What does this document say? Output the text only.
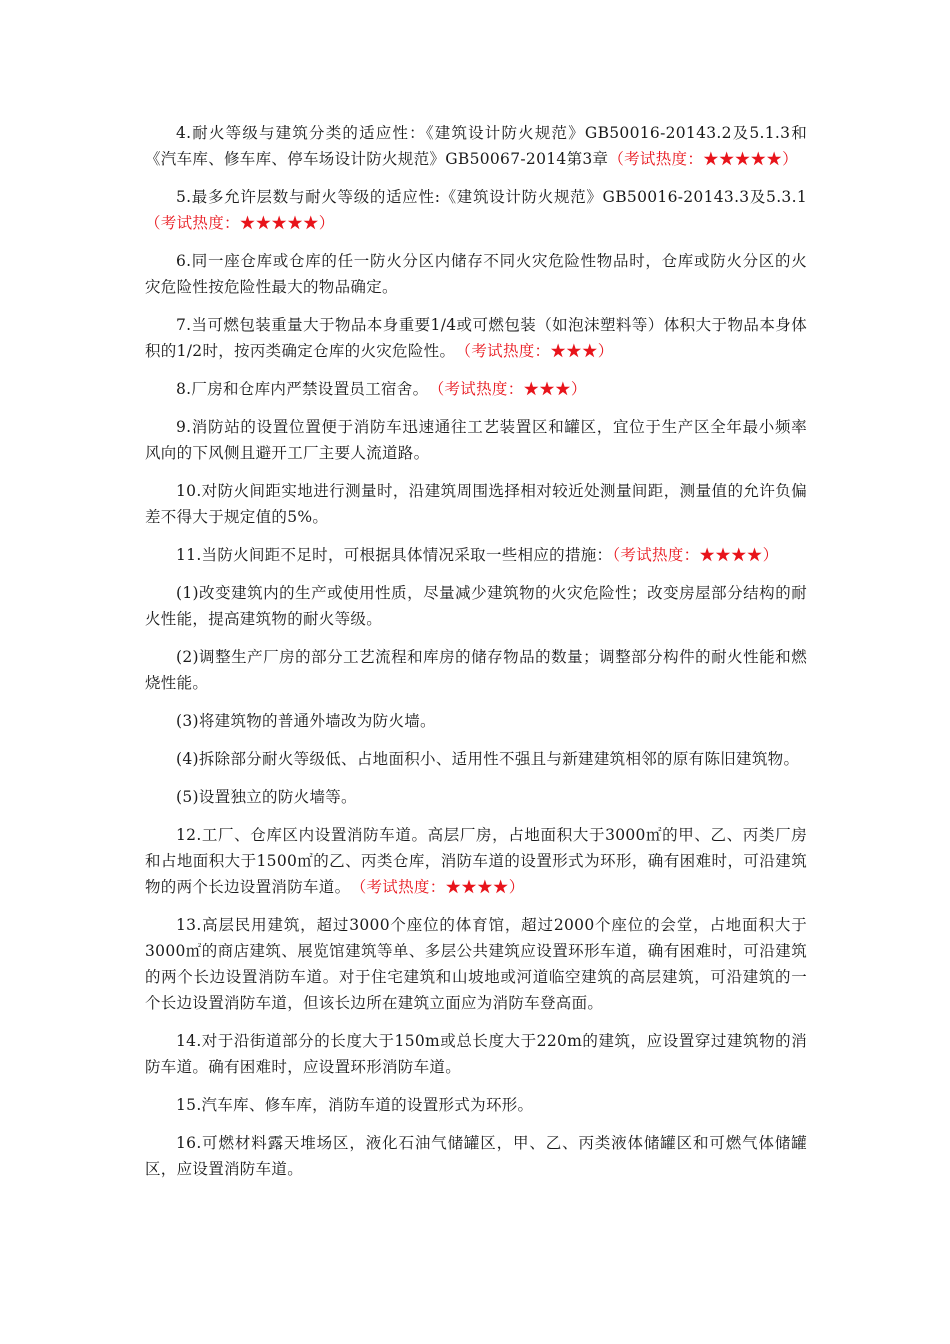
4.耐火等级与建筑分类的适应性：《建筑设计防火规范》GB50016-20143.2及5.1.3和《汽车库、修车库、停车场设计防火规范》GB50067-2014第3章（考试热度：★★★★★）

5.最多允许层数与耐火等级的适应性:《建筑设计防火规范》GB50016-20143.3及5.3.1（考试热度：★★★★★）

6.同一座仓库或仓库的任一防火分区内储存不同火灾危险性物品时，仓库或防火分区的火灾危险性按危险性最大的物品确定。

7.当可燃包装重量大于物品本身重要1/4或可燃包装（如泡沫塑料等）体积大于物品本身体积的1/2时，按丙类确定仓库的火灾危险性。　（考试热度：★★★）

8.厂房和仓库内严禁设置员工宿舍。　（考试热度：★★★）

9.消防站的设置位置便于消防车迅速通往工艺装置区和罐区，宜位于生产区全年最小频率风向的下风侧且避开工厂主要人流道路。

10.对防火间距实地进行测量时，沿建筑周围选择相对较近处测量间距，测量值的允许负偏差不得大于规定值的5%。

11.当防火间距不足时，可根据具体情况采取一些相应的措施：（考试热度：★★★★）

(1)改变建筑内的生产或使用性质，尽量减少建筑物的火灾危险性；改变房屋部分结构的耐火性能，提高建筑物的耐火等级。

(2)调整生产厂房的部分工艺流程和库房的储存物品的数量；调整部分构件的耐火性能和燃烧性能。

(3)将建筑物的普通外墙改为防火墙。

(4)拆除部分耐火等级低、占地面积小、适用性不强且与新建建筑相邻的原有陈旧建筑物。

(5)设置独立的防火墙等。

12.工厂、仓库区内设置消防车道。高层厂房，占地面积大于3000㎡的甲、乙、丙类厂房和占地面积大于1500㎡的乙、丙类仓库，消防车道的设置形式为环形，确有困难时，可沿建筑物的两个长边设置消防车道。　（考试热度：★★★★）

13.高层民用建筑，超过3000个座位的体育馆，超过2000个座位的会堂，占地面积大于3000㎡的商店建筑、展览馆建筑等单、多层公共建筑应设置环形车道，确有困难时，可沿建筑的两个长边设置消防车道。对于住宅建筑和山坡地或河道临空建筑的高层建筑，可沿建筑的一个长边设置消防车道，但该长边所在建筑立面应为消防车登高面。

14.对于沿街道部分的长度大于150m或总长度大于220m的建筑，应设置穿过建筑物的消防车道。确有困难时，应设置环形消防车道。

15.汽车库、修车库，消防车道的设置形式为环形。

16.可燃材料露天堆场区，液化石油气储罐区，甲、乙、丙类液体储罐区和可燃气体储罐区，应设置消防车道。
